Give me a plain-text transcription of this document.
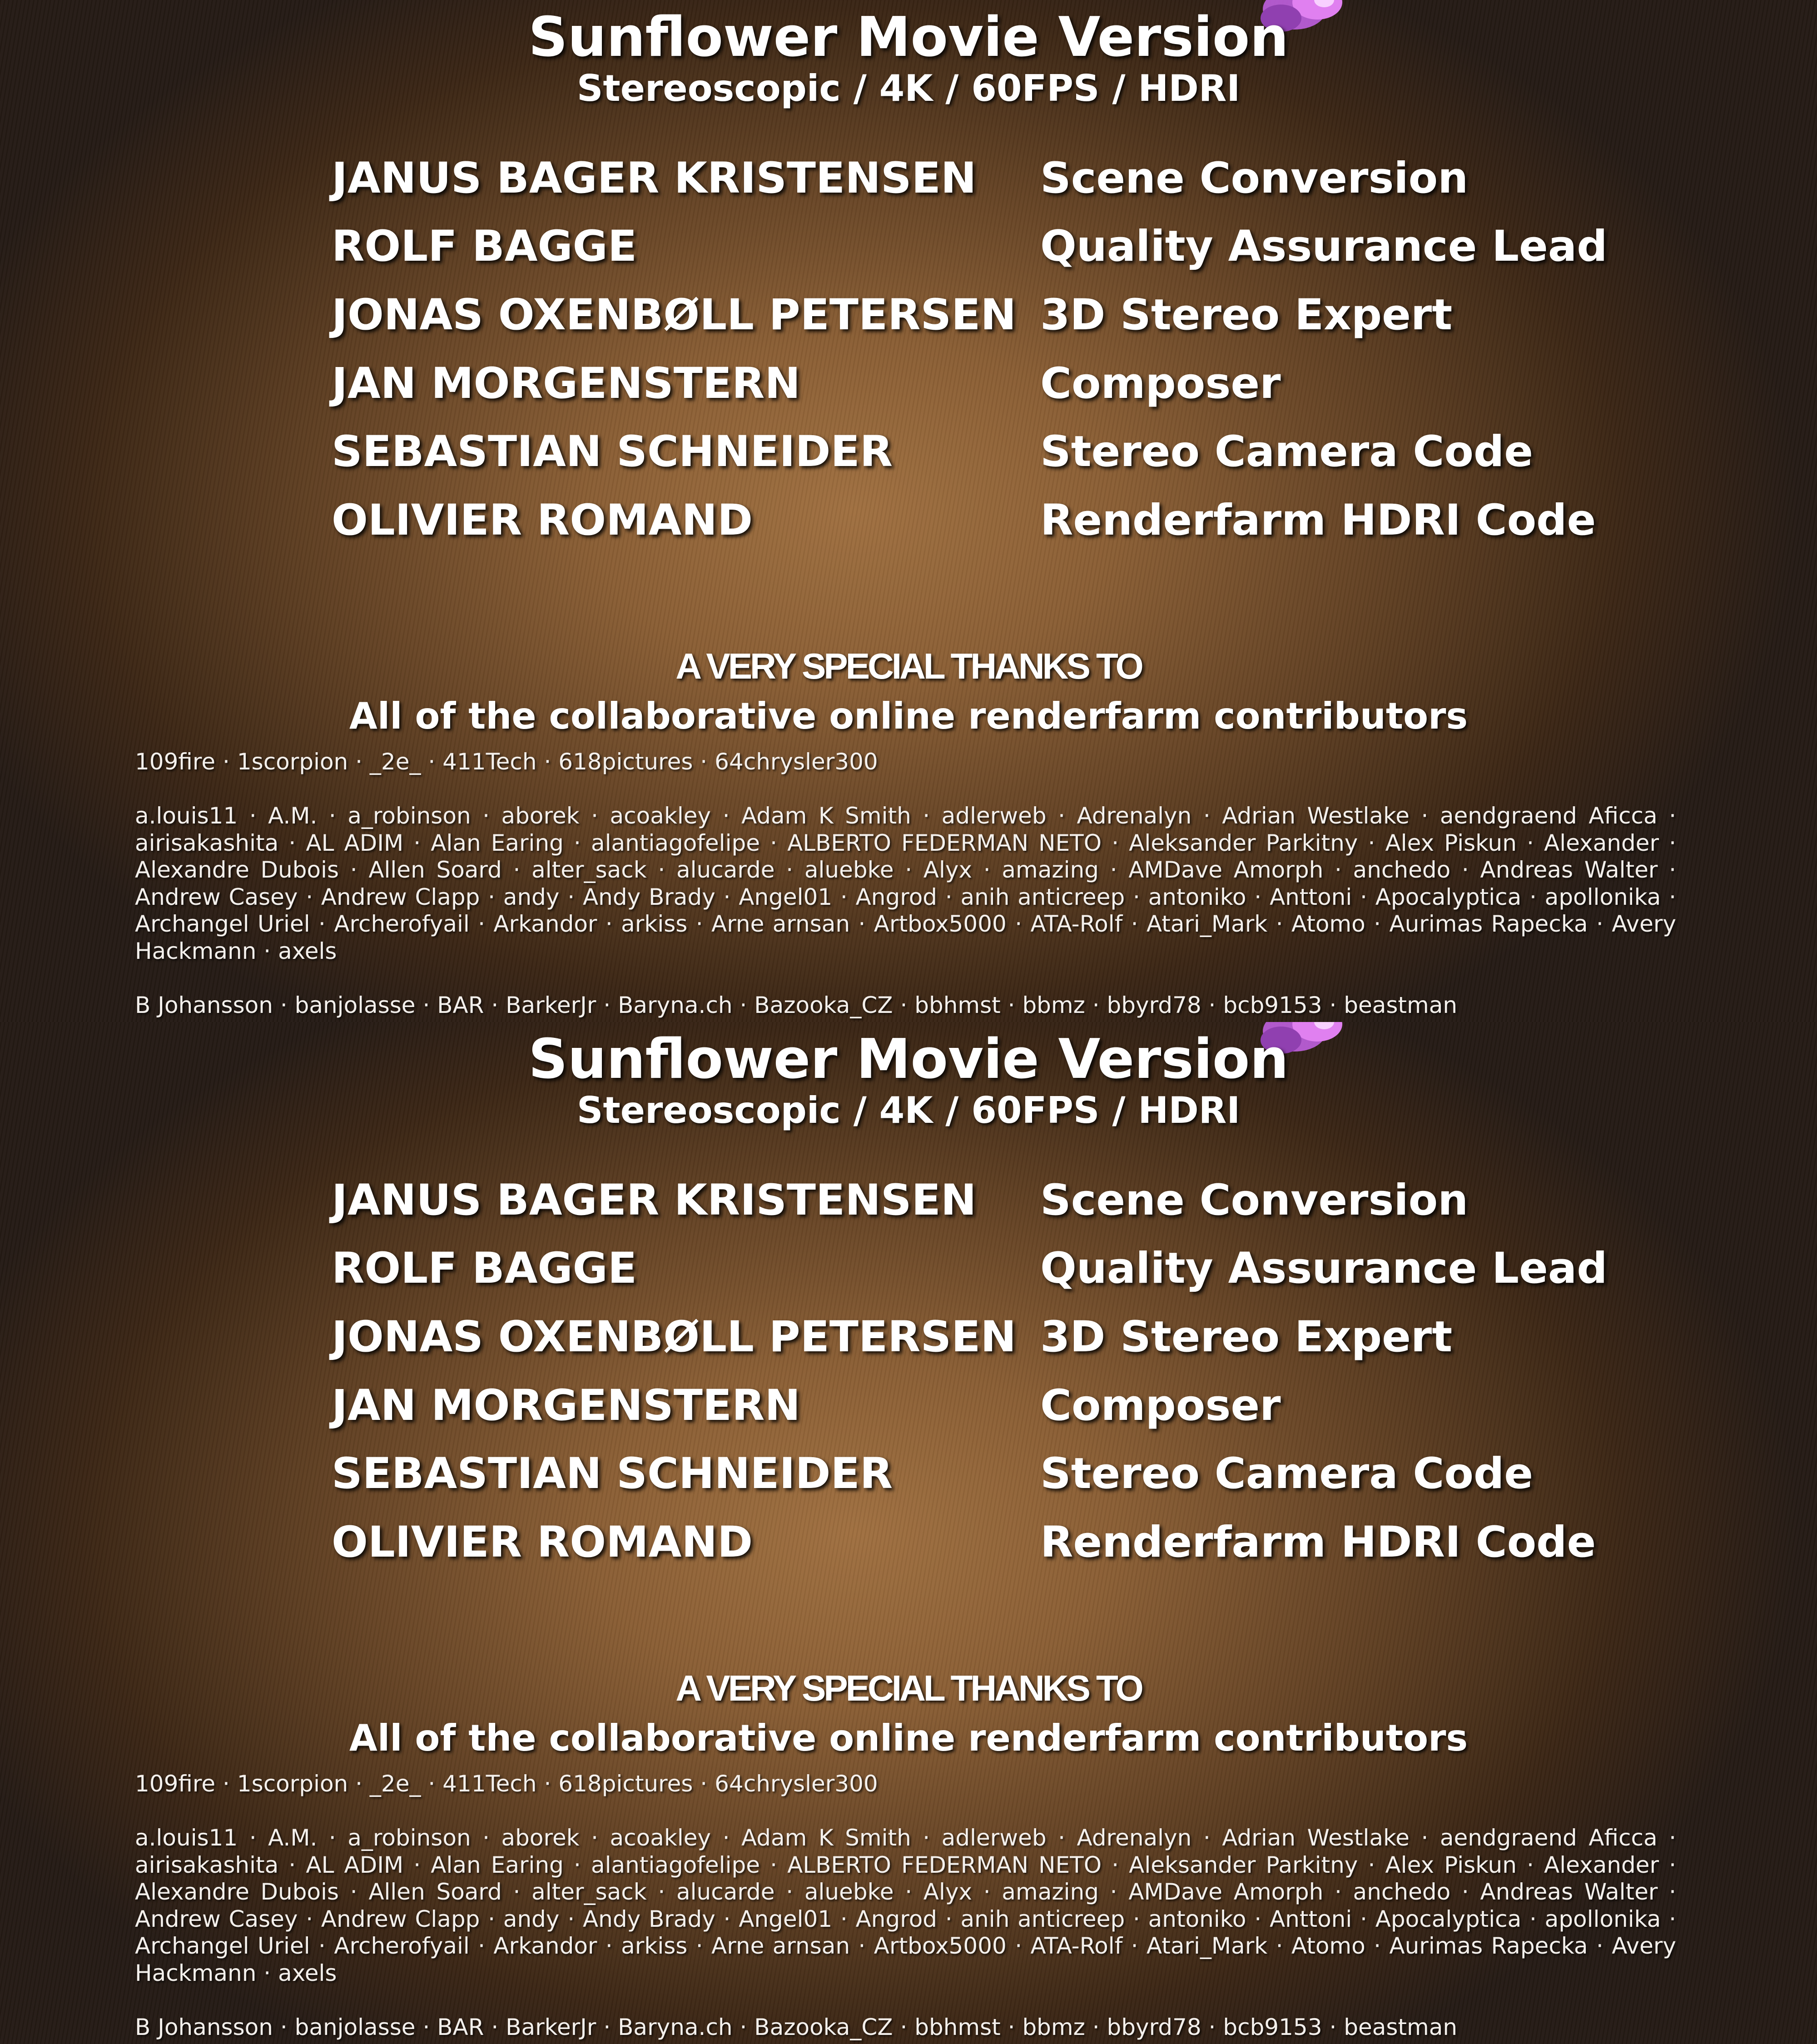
Sunflower Movie Version
Stereoscopic / 4K / 60FPS / HDRI
JANUS BAGER KRISTENSEN Scene Conversion
ROLF BAGGE	Quality Assurance Lead
JONAS OXENBØLL PETERSEN 3D Stereo Expert
JAN MORGENSTERN	Composer
SEBASTIAN SCHNEIDER	Stereo Camera Code
OLIVIER ROMAND	Renderfarm HDRI Code
A VERY SPECIAL THANKS TO
All of the collaborative online renderfarm contributors
109fire · 1scorpion · _2e_ · 411Tech · 618pictures · 64chrysler300
a.louis11 · A.M. · a_robinson · aborek · acoakley · Adam K Smith · adlerweb · Adrenalyn · Adrian Westlake · aendgraend Aficca · airisakashita · AL ADIM · Alan Earing · alantiagofelipe · ALBERTO FEDERMAN NETO · Aleksander Parkitny · Alex Piskun · Alexander · Alexandre Dubois · Allen Soard · alter_sack · alucarde · aluebke · Alyx · amazing · AMDave Amorph · anchedo · Andreas Walter · Andrew Casey · Andrew Clapp · andy · Andy Brady · Angel01 · Angrod · anih anticreep · antoniko · Anttoni · Apocalyptica · apollonika · Archangel Uriel · Archerofyail · Arkandor · arkiss · Arne arnsan · Artbox5000 · ATA-Rolf · Atari_Mark · Atomo · Aurimas Rapecka · Avery Hackmann · axels
B Johansson · banjolasse · BAR · BarkerJr · Baryna.ch · Bazooka_CZ · bbhmst · bbmz · bbyrd78 · bcb9153 · beastman
Sunflower Movie Version
Stereoscopic / 4K / 60FPS / HDRI
JANUS BAGER KRISTENSEN Scene Conversion
ROLF BAGGE	Quality Assurance Lead
JONAS OXENBØLL PETERSEN 3D Stereo Expert
JAN MORGENSTERN	Composer
SEBASTIAN SCHNEIDER	Stereo Camera Code
OLIVIER ROMAND	Renderfarm HDRI Code
A VERY SPECIAL THANKS TO
All of the collaborative online renderfarm contributors
109fire · 1scorpion · _2e_ · 411Tech · 618pictures · 64chrysler300
a.louis11 · A.M. · a_robinson · aborek · acoakley · Adam K Smith · adlerweb · Adrenalyn · Adrian Westlake · aendgraend Aficca · airisakashita · AL ADIM · Alan Earing · alantiagofelipe · ALBERTO FEDERMAN NETO · Aleksander Parkitny · Alex Piskun · Alexander · Alexandre Dubois · Allen Soard · alter_sack · alucarde · aluebke · Alyx · amazing · AMDave Amorph · anchedo · Andreas Walter · Andrew Casey · Andrew Clapp · andy · Andy Brady · Angel01 · Angrod · anih anticreep · antoniko · Anttoni · Apocalyptica · apollonika · Archangel Uriel · Archerofyail · Arkandor · arkiss · Arne arnsan · Artbox5000 · ATA-Rolf · Atari_Mark · Atomo · Aurimas Rapecka · Avery Hackmann · axels
B Johansson · banjolasse · BAR · BarkerJr · Baryna.ch · Bazooka_CZ · bbhmst · bbmz · bbyrd78 · bcb9153 · beastman
